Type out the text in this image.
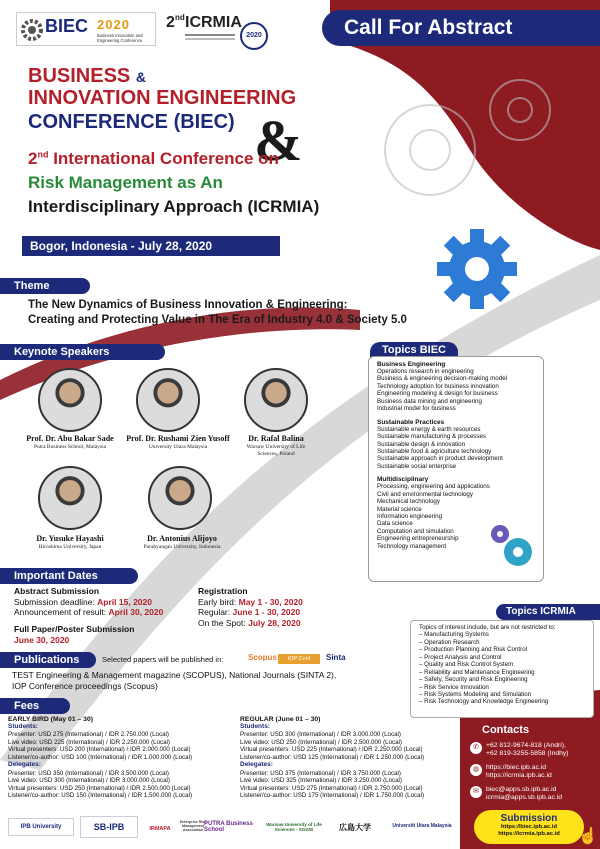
BIEC 2020
Business Innovation and Engineering Conference
2 nd ICRMIA
2020	Call For Abstract
BUSINESS &
INNOVATION ENGINEERING
CONFERENCE (BIEC) &
2nd International Conference on
Risk Management as An
Interdisciplinary Approach (ICRMIA)
Bogor, Indonesia - July 28, 2020
Theme
The New Dynamics of Business Innovation & Engineering:
Creating and Protecting Value in The Era of Industry 4.0 & Society 5.0
Keynote Speakers
Prof. Dr. Abu Bakar Sade
Putra Business School, Malaysia
Prof. Dr. Rushami Zien Yusoff
University Utara Malaysia
Dr. Rafal Balina
Warsaw University of Life Sciences, Poland
Dr. Yusuke Hayashi
Hiroshima University, Japan
Dr. Antonius Alijoyo
Parahyangan University, Indonesia
Topics BIEC
Business Engineering
Operations research in engineering
Business & engineering decision-making model
Technology adoption for business innovation
Engineering modeling & design for business
Business data mining and engineering
Industrial model for business
Sustainable Practices
Sustainable energy & earth resources
Sustainable manufacturing & processes
Sustainable design & innovation
Sustainable food & agriculture technology
Sustainable approach in product development
Sustainable social enterprise
Multidisciplinary
Processing, engineering and applications
Civil and environmental technology
Mechanical technology
Material science
Information engineering
Data science
Computation and simulation
Engineering entrepreneurship
Technology management
Important Dates
Abstract Submission
Submission deadline: April 15, 2020
Announcement of result: April 30, 2020
Full Paper/Poster Submission
June 30, 2020
Registration
Early bird: May 1 - 30, 2020
Regular: June 1 - 30, 2020
On the Spot: July 28, 2020
Topics ICRMIA
Topics of interest include, but are not restricted to:
– Manufacturing Systems
– Operation Research
– Production Planning and Risk Control
– Project Analysis and Control
– Quality and Risk Control System
– Reliability and Maintenance Engineering
– Safety, Security and Risk Engineering
– Risk Service Innovation
– Risk Systems Modeling and Simulation
– Risk Technology and Knowledge Engineering
Publications	Selected papers will be published in:	Scopus	IOP Conf	Sinta
TEST Engineering & Management magazine (SCOPUS), National Journals (SINTA 2),
IOP Conference proceedings (Scopus)
Fees
EARLY BIRD (May 01 – 30)
Students:
Presenter: USD 275 (International) / IDR 2.750.000 (Local)
Live video: USD 225 (International) / IDR 2.250.000 (Local)
Virtual presenters: USD 200 (International) / IDR 2.000.000 (Local)
Listener/co-author: USD 100 (International) / IDR 1.000.000 (Local)
Delegates:
Presenter: USD 350 (International) / IDR 3.500.000 (Local)
Live video: USD 300 (International) / IDR 3.000.000 (Local)
Virtual presenters: USD 250 (International) / IDR 2.500.000 (Local)
Listener/co-author: USD 150 (International) / IDR 1.500.000 (Local)
REGULAR (June 01 – 30)
Students:
Presenter: USD 300 (International) / IDR 3.000.000 (Local)
Live video: USD 250 (International) / IDR 2.500.000 (Local)
Virtual presenters: USD 225 (International) / IDR 2.250.000 (Local)
Listener/co-author: USD 125 (International) / IDR 1.250.000 (Local)
Delegates:
Presenter: USD 375 (International) / IDR 3.750.000 (Local)
Live video: USD 325 (International) / IDR 3.250.000 (Local)
Virtual presenters: USD 275 (International) / IDR 2.750.000 (Local)
Listener/co-author: USD 175 (International) / IDR 1.750.000 (Local)
Contacts
✆	+62 812-9674-818 (Andri),
+62 819-3255-5858 (Indhy)
◍	https://biec.ipb.ac.id
https://icrmia.ipb.ac.id
✉	biec@apps.sb.ipb.ac.id
icrmia@apps.sb.ipb.ac.id
Submission
https://biec.ipb.ac.id
https://icrmia.ipb.ac.id	☝
IPB University	SB-IPB	IRMAPA
Enterprise Risk Management Association
PUTRA Business School
Warsaw University of Life Sciences - SGGW	広島大学	Universiti Utara Malaysia
